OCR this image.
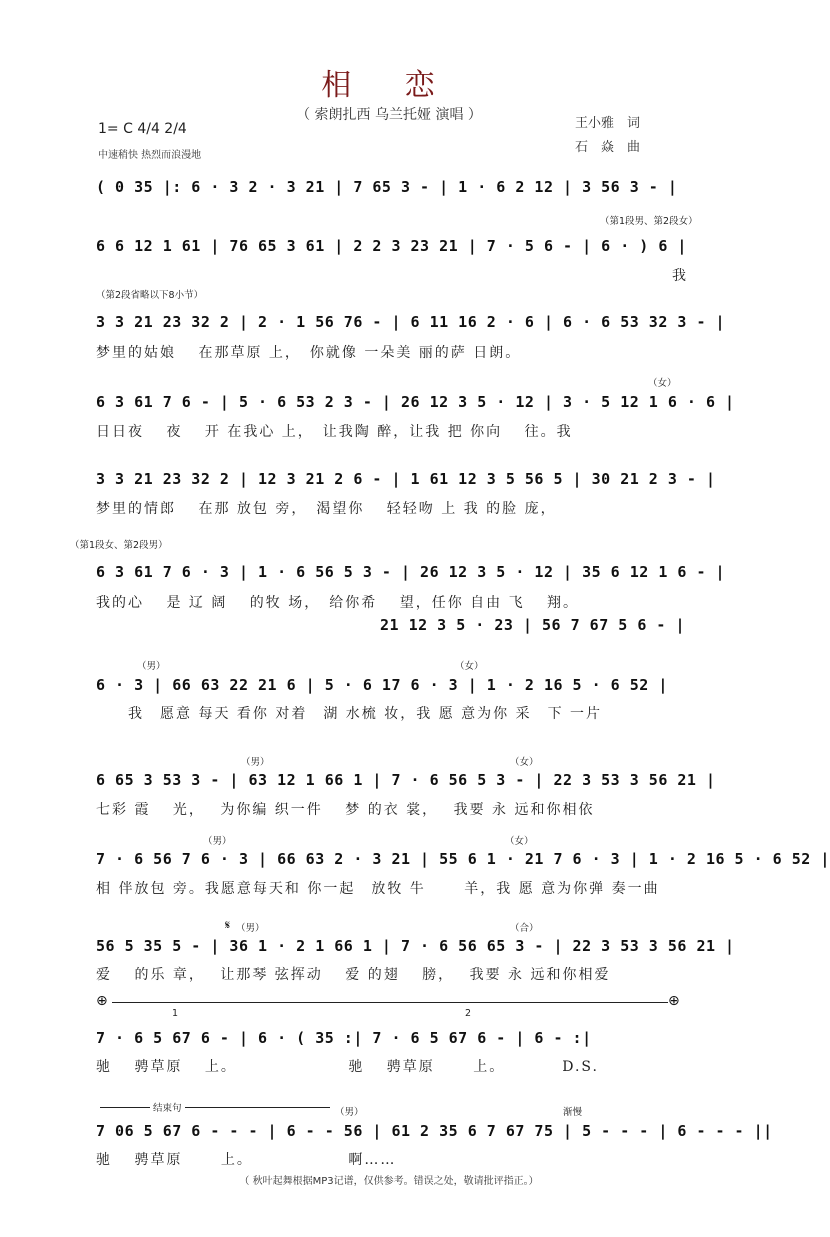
相 恋
（ 索朗扎西 乌兰托娅 演唱 ）
王小雅　词
石　焱　曲
1= C 4/4 2/4
中速稍快 热烈而浪漫地
( 0 35 |: 6 · 3 2 · 3 21 | 7 65 3 - | 1 · 6 2 12 | 3 56 3 - |
（第1段男、第2段女）
6 6 12 1 61 | 76 65 3 61 | 2 2 3 23 21 | 7 · 5 6 - | 6 · ) 6 |
　　　　　　　　　　　　　　　　　　　　　　　　　　　　　　　　　　　　我
（第2段省略以下8小节）
3 3 21 23 32 2 | 2 · 1 56 76 - | 6 11 16 2 · 6 | 6 · 6 53 32 3 - |
梦里的姑娘　 在那草原 上，　你就像 一朵美 丽的萨 日朗。
（女）
6 3 61 7 6 - | 5 · 6 53 2 3 - | 26 12 3 5 · 12 | 3 · 5 12 1 6 · 6 |
日日夜　 夜　 开 在我心 上，　让我陶 醉，让我 把 你向　 往。我
3 3 21 23 32 2 | 12 3 21 2 6 - | 1 61 12 3 5 56 5 | 30 21 2 3 - |
梦里的情郎　 在那 放包 旁，　渴望你　 轻轻吻 上 我 的脸 庞，
（第1段女、第2段男）
6 3 61 7 6 · 3 | 1 · 6 56 5 3 - | 26 12 3 5 · 12 | 35 6 12 1 6 - |
我的心　 是 辽 阔　 的牧 场，　给你希　 望，任你 自由 飞　 翔。
21 12 3 5 · 23 | 56 7 67 5 6 - |
（男）	（女）
6 · 3 | 66 63 22 21 6 | 5 · 6 17 6 · 3 | 1 · 2 16 5 · 6 52 |
　　我　愿意 每天 看你 对着　湖 水梳 妆，我 愿 意为你 采　下 一片
（男）	（女）
6 65 3 53 3 - | 63 12 1 66 1 | 7 · 6 56 5 3 - | 22 3 53 3 56 21 |
七彩 霞　 光，　 为你编 织一件　 梦 的衣 裳，　 我要 永 远和你相依
（男）	（女）
7 · 6 56 7 6 · 3 | 66 63 2 · 3 21 | 55 6 1 · 21 7 6 · 3 | 1 · 2 16 5 · 6 52 |
相 伴放包 旁。我愿意每天和 你一起　放牧 牛　　 羊，我 愿 意为你弹 奏一曲
𝄋 （男）	（合）
56 5 35 5 - | 36 1 · 2 1 66 1 | 7 · 6 56 65 3 - | 22 3 53 3 56 21 |
爱　 的乐 章，　 让那琴 弦挥动　 爱 的翅　 膀，　 我要 永 远和你相爱
⊕	⊕
1	2
7 · 6 5 67 6 - | 6 · ( 35 :| 7 · 6 5 67 6 - | 6 - :|
驰　 骋草原　 上。　　　　　　　 驰　 骋草原　　 上。　　　　D.S.
结束句	（男）	渐慢
7 06 5 67 6 - - - | 6 - - 56 | 61 2 35 6 7 67 75 | 5 - - - | 6 - - - ||
驰　 骋草原　　 上。　　　　　　 啊……
（ 秋叶起舞根据MP3记谱，仅供参考。错误之处，敬请批评指正。）
